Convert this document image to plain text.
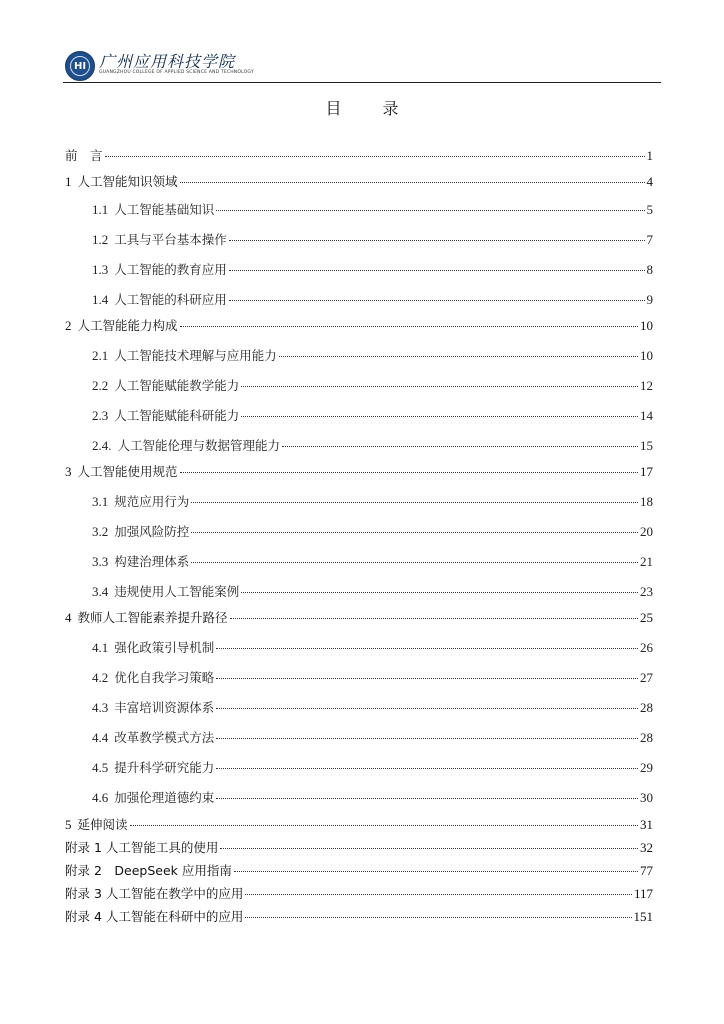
HI 广州应用科技学院
GUANGZHOU COLLEGE OF APPLIED SCIENCE AND TECHNOLOGY
目 录
前　言	1
1 人工智能知识领域	4
1.1 人工智能基础知识	5
1.2 工具与平台基本操作	7
1.3 人工智能的教育应用	8
1.4 人工智能的科研应用	9
2 人工智能能力构成	10
2.1 人工智能技术理解与应用能力	10
2.2 人工智能赋能教学能力	12
2.3 人工智能赋能科研能力	14
2.4. 人工智能伦理与数据管理能力	15
3 人工智能使用规范	17
3.1 规范应用行为	18
3.2 加强风险防控	20
3.3 构建治理体系	21
3.4 违规使用人工智能案例	23
4 教师人工智能素养提升路径	25
4.1 强化政策引导机制	26
4.2 优化自我学习策略	27
4.3 丰富培训资源体系	28
4.4 改革教学模式方法	28
4.5 提升科学研究能力	29
4.6 加强伦理道德约束	30
5 延伸阅读	31
附录 1 人工智能工具的使用	32
附录 2　DeepSeek 应用指南	77
附录 3 人工智能在教学中的应用	117
附录 4 人工智能在科研中的应用	151
